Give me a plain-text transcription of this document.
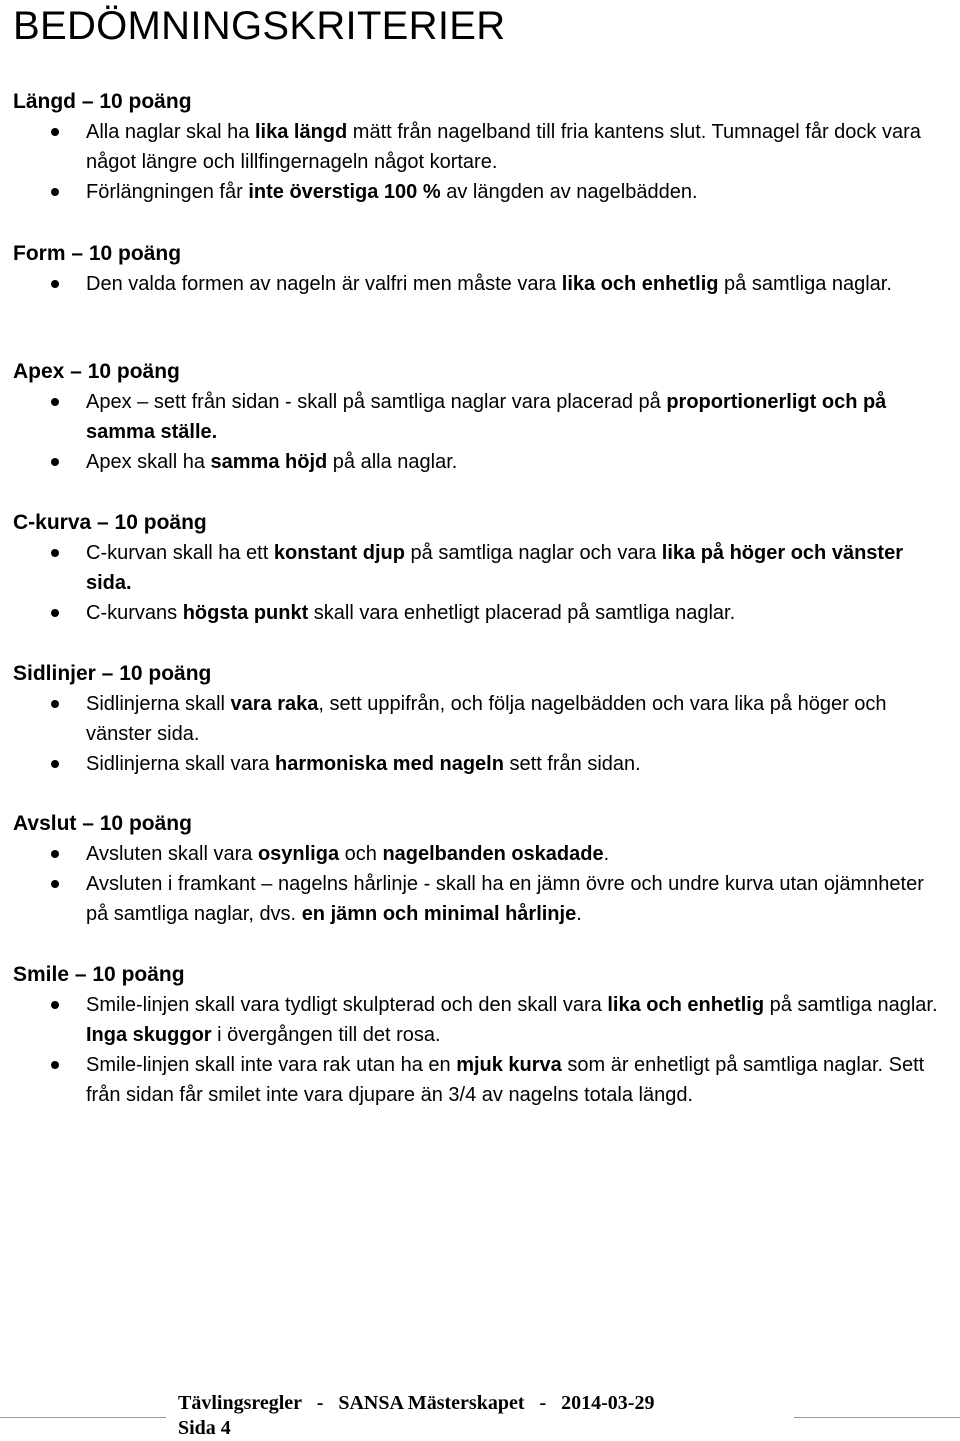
BEDÖMNINGSKRITERIER
Längd – 10 poäng
Alla naglar skal ha lika längd mätt från nagelband till fria kantens slut. Tumnagel får dock vara något längre och lillfingernageln något kortare.
Förlängningen får inte överstiga 100 % av längden av nagelbädden.
Form – 10 poäng
Den valda formen av nageln är valfri men måste vara lika och enhetlig på samtliga naglar.
Apex – 10 poäng
Apex – sett från sidan - skall på samtliga naglar vara placerad på proportionerligt och på samma ställe.
Apex skall ha samma höjd på alla naglar.
C-kurva – 10 poäng
C-kurvan skall ha ett konstant djup på samtliga naglar och vara lika på höger och vänster sida.
C-kurvans högsta punkt skall vara enhetligt placerad på samtliga naglar.
Sidlinjer – 10 poäng
Sidlinjerna skall vara raka, sett uppifrån, och följa nagelbädden och vara lika på höger och vänster sida.
Sidlinjerna skall vara harmoniska med nageln sett från sidan.
Avslut – 10 poäng
Avsluten skall vara osynliga och nagelbanden oskadade.
Avsluten i framkant – nagelns hårlinje - skall ha en jämn övre och undre kurva utan ojämnheter på samtliga naglar, dvs. en jämn och minimal hårlinje.
Smile – 10 poäng
Smile-linjen skall vara tydligt skulpterad och den skall vara lika och enhetlig på samtliga naglar. Inga skuggor i övergången till det rosa.
Smile-linjen skall inte vara rak utan ha en mjuk kurva som är enhetligt på samtliga naglar. Sett från sidan får smilet inte vara djupare än 3/4 av nagelns totala längd.
Tävlingsregler   -   SANSA Mästerskapet   -   2014-03-29
Sida 4
